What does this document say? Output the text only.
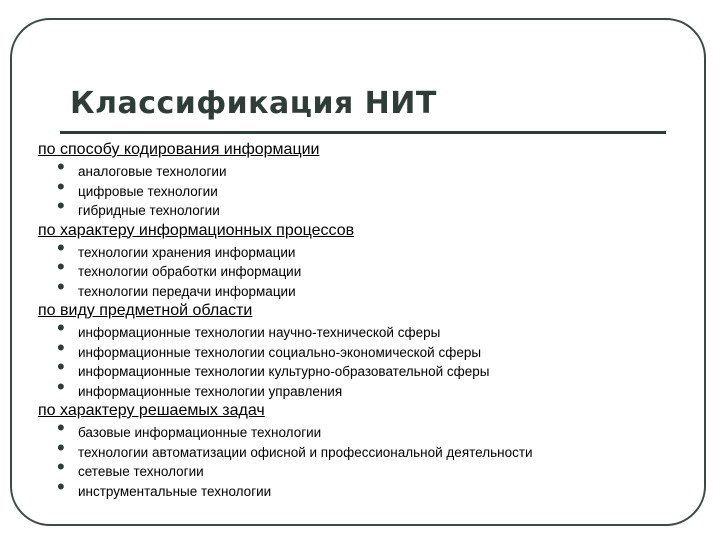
Классификация НИТ

по способу кодирования информации

• аналоговые технологии
• цифровые технологии
• гибридные технологии

по характеру информационных процессов

• технологии хранения информации
• технологии обработки информации
• технологии передачи информации

по виду предметной области

• информационные технологии научно-технической сферы
• информационные технологии социально-экономической сферы
• информационные технологии культурно-образовательной сферы
• информационные технологии управления

по характеру решаемых задач

• базовые информационные технологии
• технологии автоматизации офисной и профессиональной деятельности
• сетевые технологии
• инструментальные технологии
